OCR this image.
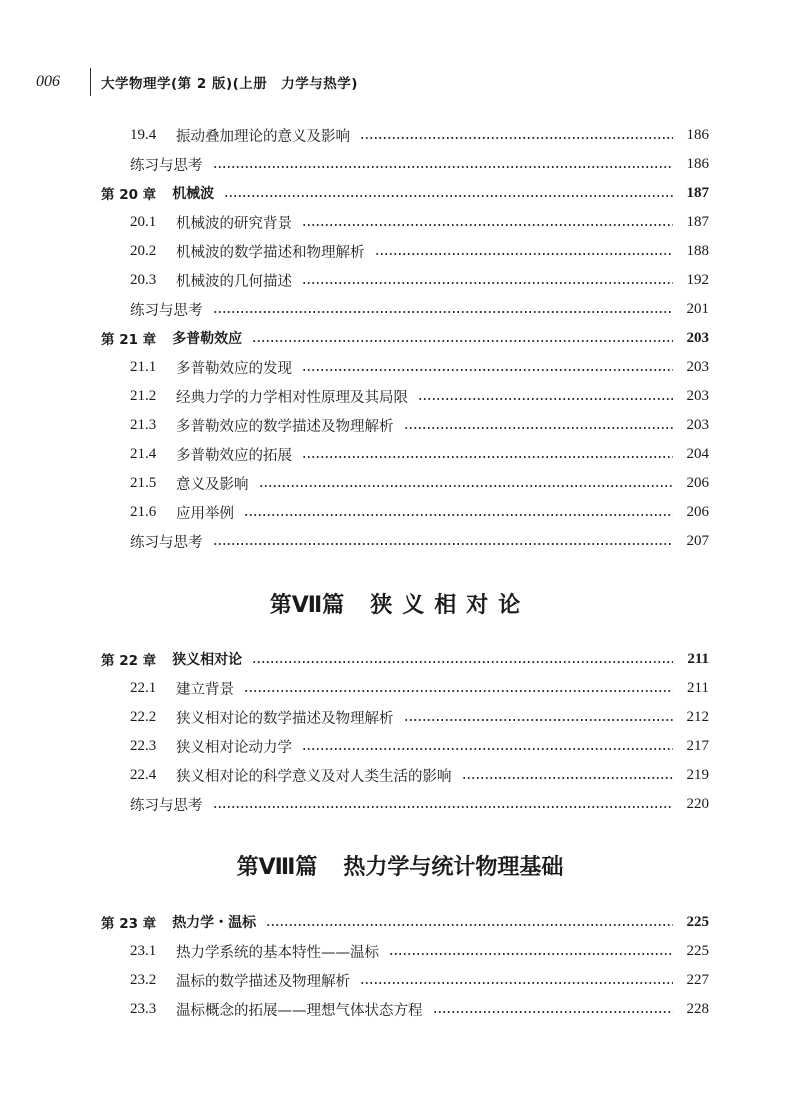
006	大学物理学(第 2 版)(上册　力学与热学)
19.4	振动叠加理论的意义及影响	186
练习与思考	186
第 20 章 机械波	187
20.1	机械波的研究背景	187
20.2	机械波的数学描述和物理解析	188
20.3	机械波的几何描述	192
练习与思考	201
第 21 章 多普勒效应	203
21.1	多普勒效应的发现	203
21.2	经典力学的力学相对性原理及其局限	203
21.3	多普勒效应的数学描述及物理解析	203
21.4	多普勒效应的拓展	204
21.5	意义及影响	206
21.6	应用举例	206
练习与思考	207
第Ⅶ篇 狭义相对论
第 22 章 狭义相对论	211
22.1	建立背景	211
22.2	狭义相对论的数学描述及物理解析	212
22.3	狭义相对论动力学	217
22.4	狭义相对论的科学意义及对人类生活的影响	219
练习与思考	220
第Ⅷ篇 热力学与统计物理基础
第 23 章 热力学・温标	225
23.1	热力学系统的基本特性——温标	225
23.2	温标的数学描述及物理解析	227
23.3	温标概念的拓展——理想气体状态方程	228
